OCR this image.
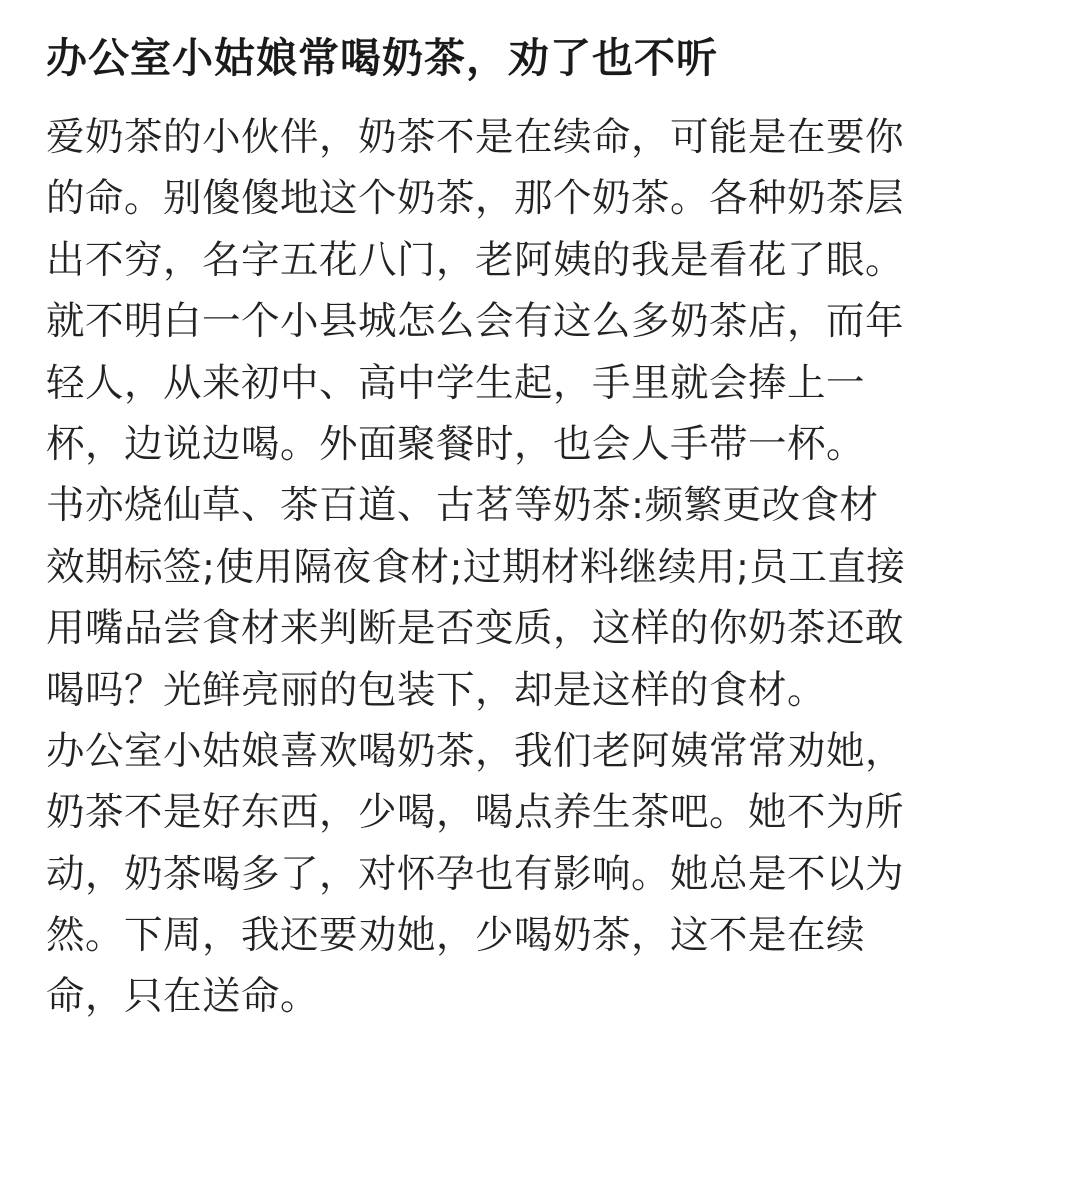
办公室小姑娘常喝奶茶，劝了也不听
爱奶茶的小伙伴，奶茶不是在续命，可能是在要你
的命。别傻傻地这个奶茶，那个奶茶。各种奶茶层
出不穷，名字五花八门，老阿姨的我是看花了眼。
就不明白一个小县城怎么会有这么多奶茶店，而年
轻人，从来初中、高中学生起，手里就会捧上一
杯，边说边喝。外面聚餐时，也会人手带一杯。
书亦烧仙草、茶百道、古茗等奶茶:频繁更改食材
效期标签;使用隔夜食材;过期材料继续用;员工直接
用嘴品尝食材来判断是否变质，这样的你奶茶还敢
喝吗？光鲜亮丽的包装下，却是这样的食材。
办公室小姑娘喜欢喝奶茶，我们老阿姨常常劝她，
奶茶不是好东西，少喝，喝点养生茶吧。她不为所
动，奶茶喝多了，对怀孕也有影响。她总是不以为
然。下周，我还要劝她，少喝奶茶，这不是在续
命，只在送命。
